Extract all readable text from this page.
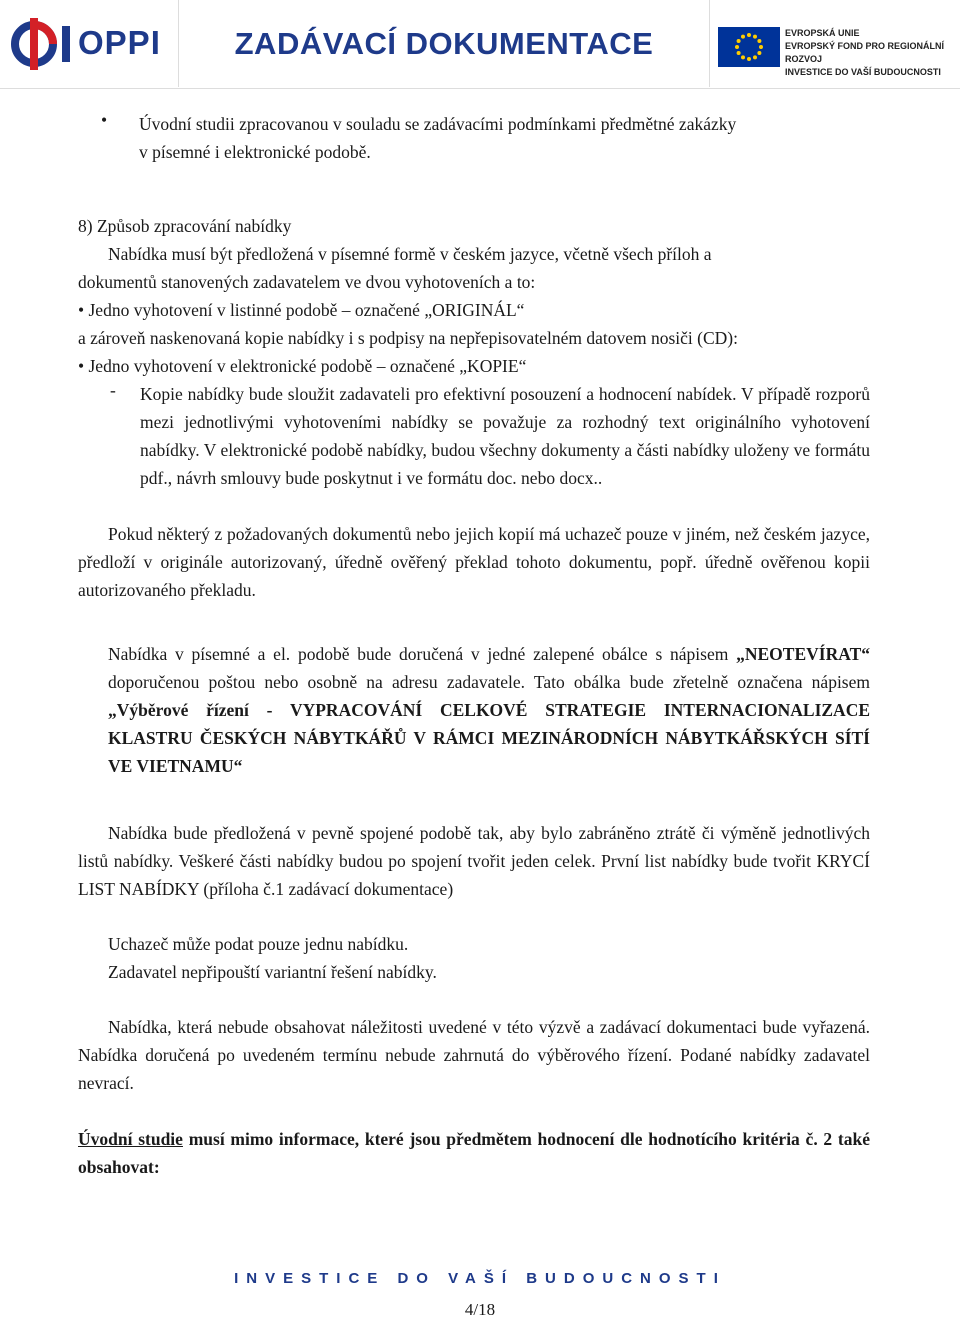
OPPI ZADÁVACÍ DOKUMENTACE	EVROPSKÁ UNIE
EVROPSKÝ FOND PRO REGIONÁLNÍ ROZVOJ
INVESTICE DO VAŠÍ BUDOUCNOSTI
• Úvodní studii zpracovanou v souladu se zadávacími podmínkami předmětné zakázky

v písemné i elektronické podobě.

8) Způsob zpracování nabídky

Nabídka musí být předložená v písemné formě v českém jazyce, včetně všech příloh a

dokumentů stanovených zadavatelem ve dvou vyhotoveních a to:

• Jedno vyhotovení v listinné podobě – označené „ORIGINÁL“

a zároveň naskenovaná kopie nabídky i s podpisy na nepřepisovatelném datovem nosiči (CD):

• Jedno vyhotovení v elektronické podobě – označené „KOPIE“

- Kopie nabídky bude sloužit zadavateli pro efektivní posouzení a hodnocení nabídek. V případě rozporů mezi jednotlivými vyhotoveními nabídky se považuje za rozhodný text originálního vyhotovení nabídky. V elektronické podobě nabídky, budou všechny dokumenty a části nabídky uloženy ve formátu pdf., návrh smlouvy bude poskytnut i ve formátu doc. nebo docx..

Pokud některý z požadovaných dokumentů nebo jejich kopií má uchazeč pouze v jiném, než českém jazyce, předloží v originále autorizovaný, úředně ověřený překlad tohoto dokumentu, popř. úředně ověřenou kopii autorizovaného překladu.

Nabídka v písemné a el. podobě bude doručená v jedné zalepené obálce s nápisem „NEOTEVÍRAT“ doporučenou poštou nebo osobně na adresu zadavatele. Tato obálka bude zřetelně označena nápisem „Výběrové řízení - VYPRACOVÁNÍ CELKOVÉ STRATEGIE INTERNACIONALIZACE KLASTRU ČESKÝCH NÁBYTKÁŘŮ V RÁMCI MEZINÁRODNÍCH NÁBYTKÁŘSKÝCH SÍTÍ VE VIETNAMU“

Nabídka bude předložená v pevně spojené podobě tak, aby bylo zabráněno ztrátě či výměně jednotlivých listů nabídky. Veškeré části nabídky budou po spojení tvořit jeden celek. První list nabídky bude tvořit KRYCÍ LIST NABÍDKY (příloha č.1 zadávací dokumentace)

Uchazeč může podat pouze jednu nabídku.

Zadavatel nepřipouští variantní řešení nabídky.

Nabídka, která nebude obsahovat náležitosti uvedené v této výzvě a zadávací dokumentaci bude vyřazená. Nabídka doručená po uvedeném termínu nebude zahrnutá do výběrového řízení. Podané nabídky zadavatel nevrací.

Úvodní studie musí mimo informace, které jsou předmětem hodnocení dle hodnotícího kritéria č. 2 také obsahovat:

INVESTICE DO VAŠÍ BUDOUCNOSTI
4/18
